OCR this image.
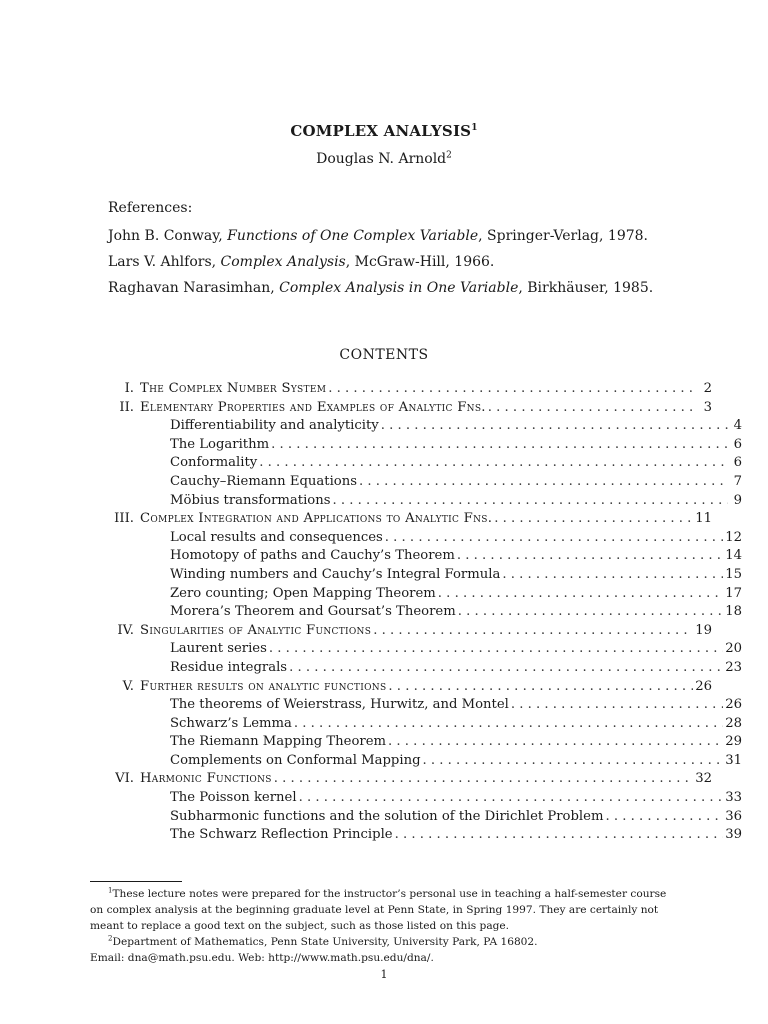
COMPLEX ANALYSIS$^1$
Douglas N. Arnold$^2$

References:

John B. Conway, Functions of One Complex Variable, Springer-Verlag, 1978.

Lars V. Ahlfors, Complex Analysis, McGraw-Hill, 1966.

Raghavan Narasimhan, Complex Analysis in One Variable, Birkhäuser, 1985.

CONTENTS
I. The Complex Number System . . .	2
II. Elementary Properties and Examples of Analytic Fns. . . .	3
Differentiability and analyticity . . .	4
The Logarithm . . .	6
Conformality . . .	6
Cauchy–Riemann Equations . . .	7
Möbius transformations . . .	9
III. Complex Integration and Applications to Analytic Fns. . . .	11
Local results and consequences . . .	12
Homotopy of paths and Cauchy’s Theorem . . .	14
Winding numbers and Cauchy’s Integral Formula . . .	15
Zero counting; Open Mapping Theorem . . .	17
Morera’s Theorem and Goursat’s Theorem . . .	18
IV. Singularities of Analytic Functions . . .	19
Laurent series . . .	20
Residue integrals . . .	23
V. Further results on analytic functions . . .	26
The theorems of Weierstrass, Hurwitz, and Montel . . .	26
Schwarz’s Lemma . . .	28
The Riemann Mapping Theorem . . .	29
Complements on Conformal Mapping . . .	31
VI. Harmonic Functions . . .	32
The Poisson kernel . . .	33
Subharmonic functions and the solution of the Dirichlet Problem . . .	36
The Schwarz Reflection Principle . . .	39

$^1$These lecture notes were prepared for the instructor’s personal use in teaching a half-semester course on complex analysis at the beginning graduate level at Penn State, in Spring 1997. They are certainly not meant to replace a good text on the subject, such as those listed on this page.

$^2$Department of Mathematics, Penn State University, University Park, PA 16802.

Email: dna@math.psu.edu. Web: http://www.math.psu.edu/dna/.

1
